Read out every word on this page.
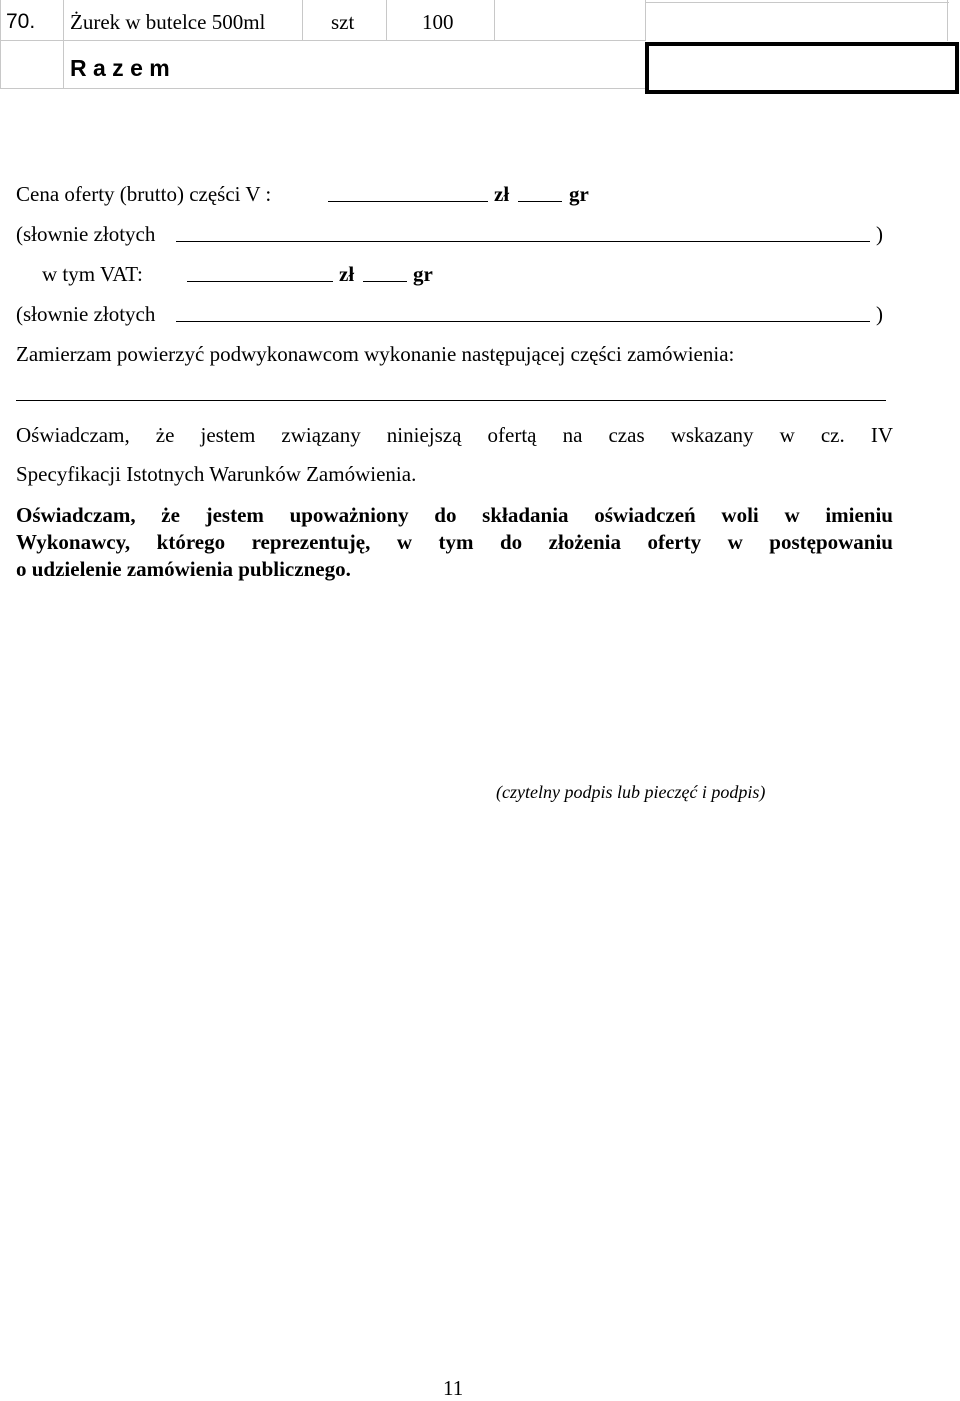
70. Żurek w butelce 500ml	szt	100
R a z e m
Cena oferty (brutto) części V :	zł	gr
(słownie złotych	)
w tym VAT:	zł	gr
(słownie złotych	)
Zamierzam powierzyć podwykonawcom wykonanie następującej części zamówienia:
Oświadczam, że jestem związany niniejszą ofertą na czas wskazany w cz. IV
Specyfikacji Istotnych Warunków Zamówienia.
Oświadczam, że jestem upoważniony do składania oświadczeń woli w imieniu
Wykonawcy, którego reprezentuję, w tym do złożenia oferty w postępowaniu
o udzielenie zamówienia publicznego.
(czytelny podpis lub pieczęć i podpis)
11
